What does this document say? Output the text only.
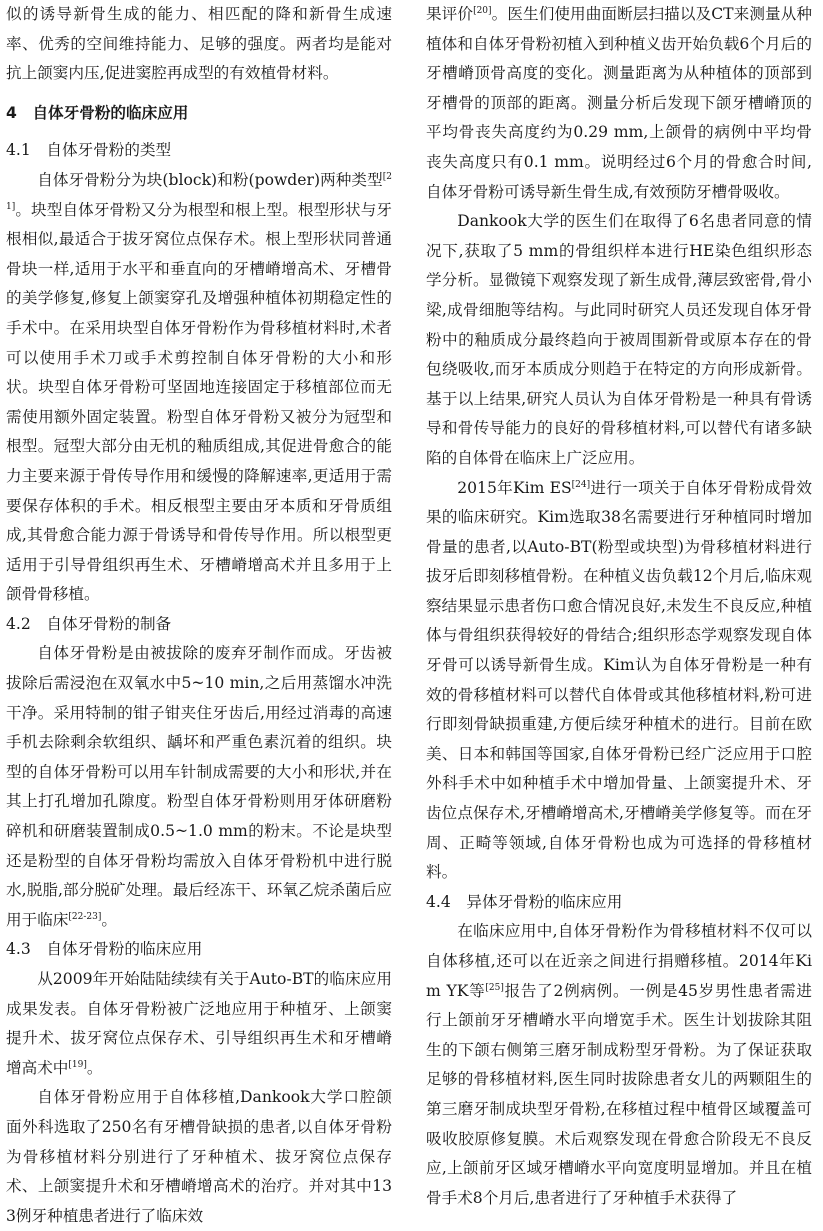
似的诱导新骨生成的能力、相匹配的降和新骨生成速率、优秀的空间维持能力、足够的强度。两者均是能对抗上颌窦内压,促进窦腔再成型的有效植骨材料。

4　自体牙骨粉的临床应用

4.1　自体牙骨粉的类型

自体牙骨粉分为块(block)和粉(powder)两种类型[21]。块型自体牙骨粉又分为根型和根上型。根型形状与牙根相似,最适合于拔牙窝位点保存术。根上型形状同普通骨块一样,适用于水平和垂直向的牙槽嵴增高术、牙槽骨的美学修复,修复上颌窦穿孔及增强种植体初期稳定性的手术中。在采用块型自体牙骨粉作为骨移植材料时,术者可以使用手术刀或手术剪控制自体牙骨粉的大小和形状。块型自体牙骨粉可坚固地连接固定于移植部位而无需使用额外固定装置。粉型自体牙骨粉又被分为冠型和根型。冠型大部分由无机的釉质组成,其促进骨愈合的能力主要来源于骨传导作用和缓慢的降解速率,更适用于需要保存体积的手术。相反根型主要由牙本质和牙骨质组成,其骨愈合能力源于骨诱导和骨传导作用。所以根型更适用于引导骨组织再生术、牙槽嵴增高术并且多用于上颌骨骨移植。

4.2　自体牙骨粉的制备

自体牙骨粉是由被拔除的废弃牙制作而成。牙齿被拔除后需浸泡在双氧水中5~10 min,之后用蒸馏水冲洗干净。采用特制的钳子钳夹住牙齿后,用经过消毒的高速手机去除剩余软组织、龋坏和严重色素沉着的组织。块型的自体牙骨粉可以用车针制成需要的大小和形状,并在其上打孔增加孔隙度。粉型自体牙骨粉则用牙体研磨粉碎机和研磨装置制成0.5~1.0 mm的粉末。不论是块型还是粉型的自体牙骨粉均需放入自体牙骨粉机中进行脱水,脱脂,部分脱矿处理。最后经冻干、环氧乙烷杀菌后应用于临床[22-23]。

4.3　自体牙骨粉的临床应用

从2009年开始陆陆续续有关于Auto-BT的临床应用成果发表。自体牙骨粉被广泛地应用于种植牙、上颌窦提升术、拔牙窝位点保存术、引导组织再生术和牙槽嵴增高术中[19]。

自体牙骨粉应用于自体移植,Dankook大学口腔颌面外科选取了250名有牙槽骨缺损的患者,以自体牙骨粉为骨移植材料分别进行了牙种植术、拔牙窝位点保存术、上颌窦提升术和牙槽嵴增高术的治疗。并对其中133例牙种植患者进行了临床效

果评价[20]。医生们使用曲面断层扫描以及CT来测量从种植体和自体牙骨粉初植入到种植义齿开始负载6个月后的牙槽嵴顶骨高度的变化。测量距离为从种植体的顶部到牙槽骨的顶部的距离。测量分析后发现下颌牙槽嵴顶的平均骨丧失高度约为0.29 mm,上颌骨的病例中平均骨丧失高度只有0.1 mm。说明经过6个月的骨愈合时间,自体牙骨粉可诱导新生骨生成,有效预防牙槽骨吸收。

Dankook大学的医生们在取得了6名患者同意的情况下,获取了5 mm的骨组织样本进行HE染色组织形态学分析。显微镜下观察发现了新生成骨,薄层致密骨,骨小梁,成骨细胞等结构。与此同时研究人员还发现自体牙骨粉中的釉质成分最终趋向于被周围新骨或原本存在的骨包绕吸收,而牙本质成分则趋于在特定的方向形成新骨。基于以上结果,研究人员认为自体牙骨粉是一种具有骨诱导和骨传导能力的良好的骨移植材料,可以替代有诸多缺陷的自体骨在临床上广泛应用。

2015年Kim ES[24]进行一项关于自体牙骨粉成骨效果的临床研究。Kim选取38名需要进行牙种植同时增加骨量的患者,以Auto-BT(粉型或块型)为骨移植材料进行拔牙后即刻移植骨粉。在种植义齿负载12个月后,临床观察结果显示患者伤口愈合情况良好,未发生不良反应,种植体与骨组织获得较好的骨结合;组织形态学观察发现自体牙骨可以诱导新骨生成。Kim认为自体牙骨粉是一种有效的骨移植材料可以替代自体骨或其他移植材料,粉可进行即刻骨缺损重建,方便后续牙种植术的进行。目前在欧美、日本和韩国等国家,自体牙骨粉已经广泛应用于口腔外科手术中如种植手术中增加骨量、上颌窦提升术、牙齿位点保存术,牙槽嵴增高术,牙槽嵴美学修复等。而在牙周、正畸等领域,自体牙骨粉也成为可选择的骨移植材料。

4.4　异体牙骨粉的临床应用

在临床应用中,自体牙骨粉作为骨移植材料不仅可以自体移植,还可以在近亲之间进行捐赠移植。2014年Kim YK等[25]报告了2例病例。一例是45岁男性患者需进行上颌前牙牙槽嵴水平向增宽手术。医生计划拔除其阻生的下颌右侧第三磨牙制成粉型牙骨粉。为了保证获取足够的骨移植材料,医生同时拔除患者女儿的两颗阻生的第三磨牙制成块型牙骨粉,在移植过程中植骨区域覆盖可吸收胶原修复膜。术后观察发现在骨愈合阶段无不良反应,上颌前牙区域牙槽嵴水平向宽度明显增加。并且在植骨手术8个月后,患者进行了牙种植手术获得了
